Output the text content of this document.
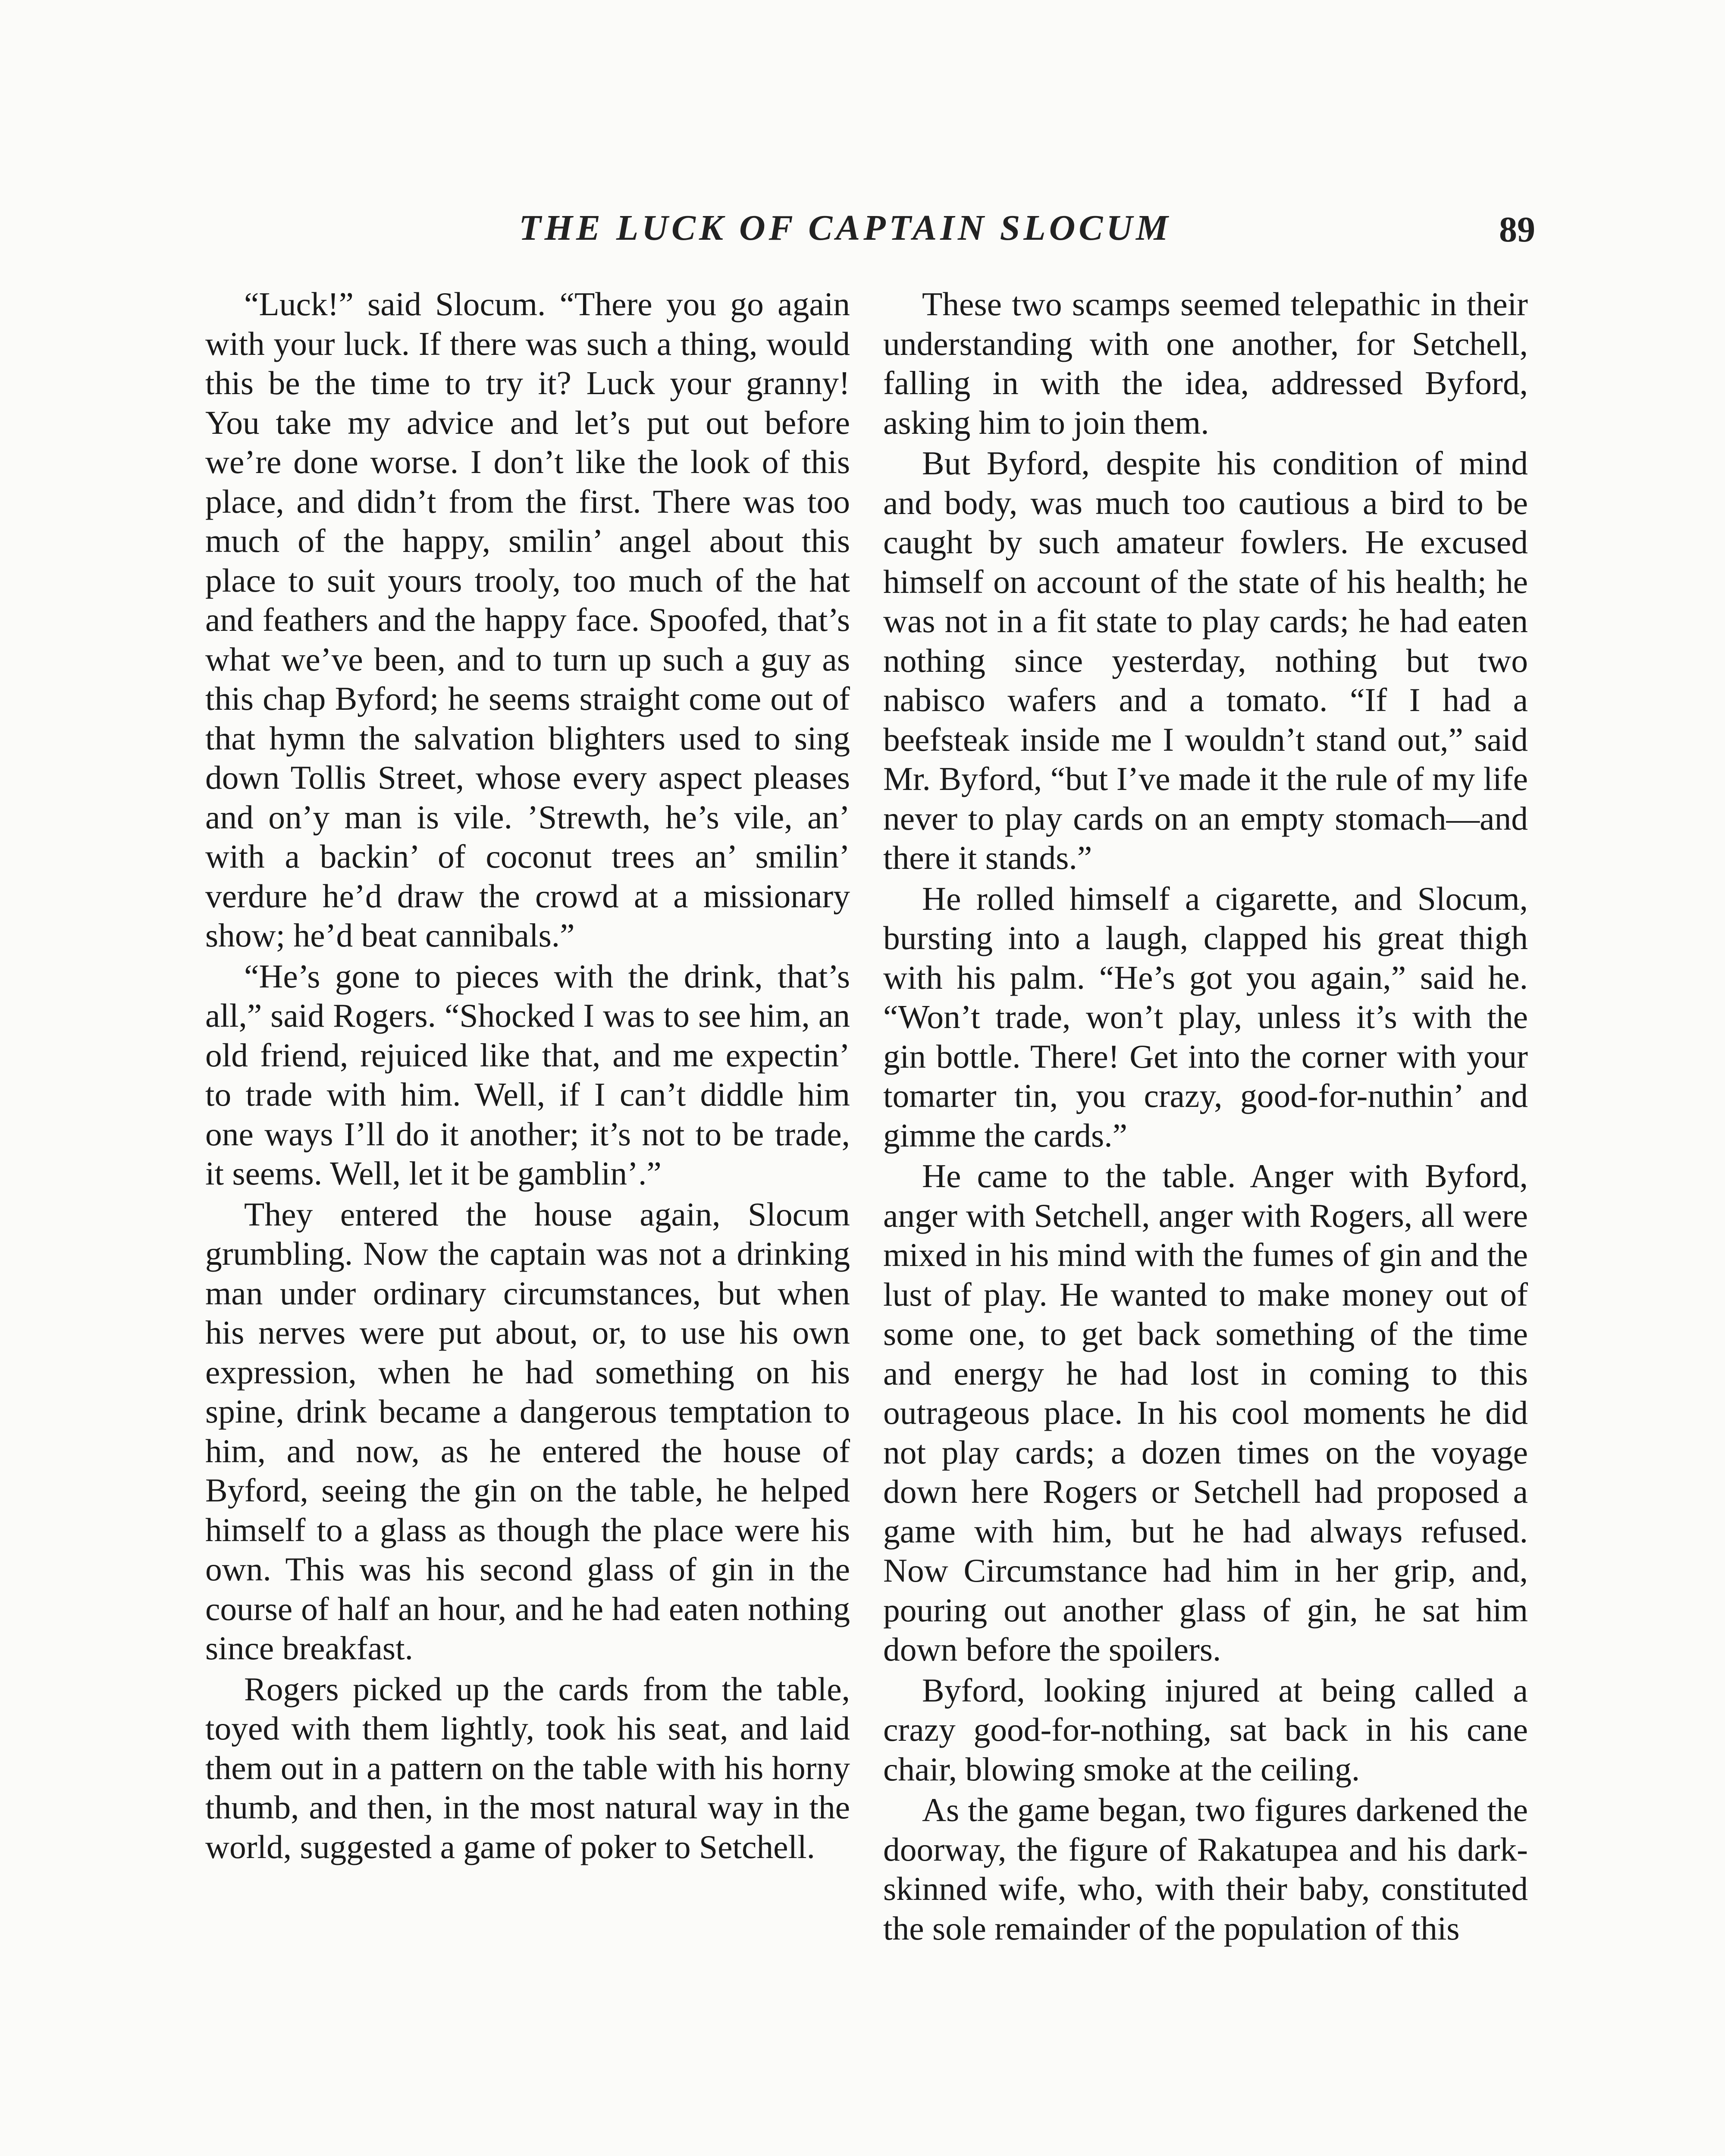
THE LUCK OF CAPTAIN SLOCUM	89

“Luck!” said Slocum. “There you go again with your luck. If there was such a thing, would this be the time to try it? Luck your granny! You take my advice and let’s put out before we’re done worse. I don’t like the look of this place, and didn’t from the first. There was too much of the happy, smilin’ angel about this place to suit yours trooly, too much of the hat and feathers and the happy face. Spoofed, that’s what we’ve been, and to turn up such a guy as this chap Byford; he seems straight come out of that hymn the salvation blighters used to sing down Tollis Street, whose every aspect pleases and on’y man is vile. ’Strewth, he’s vile, an’ with a backin’ of coconut trees an’ smilin’ verdure he’d draw the crowd at a missionary show; he’d beat cannibals.”

“He’s gone to pieces with the drink, that’s all,” said Rogers. “Shocked I was to see him, an old friend, rejuiced like that, and me expectin’ to trade with him. Well, if I can’t diddle him one ways I’ll do it another; it’s not to be trade, it seems. Well, let it be gamblin’.”

They entered the house again, Slocum grumbling. Now the captain was not a drinking man under ordinary circumstances, but when his nerves were put about, or, to use his own expression, when he had something on his spine, drink became a dangerous temptation to him, and now, as he entered the house of Byford, seeing the gin on the table, he helped himself to a glass as though the place were his own. This was his second glass of gin in the course of half an hour, and he had eaten nothing since breakfast.

Rogers picked up the cards from the table, toyed with them lightly, took his seat, and laid them out in a pattern on the table with his horny thumb, and then, in the most natural way in the world, suggested a game of poker to Setchell.

These two scamps seemed telepathic in their understanding with one another, for Setchell, falling in with the idea, addressed Byford, asking him to join them.

But Byford, despite his condition of mind and body, was much too cautious a bird to be caught by such amateur fowlers. He excused himself on account of the state of his health; he was not in a fit state to play cards; he had eaten nothing since yesterday, nothing but two nabisco wafers and a tomato. “If I had a beefsteak inside me I wouldn’t stand out,” said Mr. Byford, “but I’ve made it the rule of my life never to play cards on an empty stomach—and there it stands.”

He rolled himself a cigarette, and Slocum, bursting into a laugh, clapped his great thigh with his palm. “He’s got you again,” said he. “Won’t trade, won’t play, unless it’s with the gin bottle. There! Get into the corner with your tomarter tin, you crazy, good-for-nuthin’ and gimme the cards.”

He came to the table. Anger with Byford, anger with Setchell, anger with Rogers, all were mixed in his mind with the fumes of gin and the lust of play. He wanted to make money out of some one, to get back something of the time and energy he had lost in coming to this outrageous place. In his cool moments he did not play cards; a dozen times on the voyage down here Rogers or Setchell had proposed a game with him, but he had always refused. Now Circumstance had him in her grip, and, pouring out another glass of gin, he sat him down before the spoilers.

Byford, looking injured at being called a crazy good-for-nothing, sat back in his cane chair, blowing smoke at the ceiling.

As the game began, two figures darkened the doorway, the figure of Rakatupea and his dark-skinned wife, who, with their baby, constituted the sole remainder of the population of this
